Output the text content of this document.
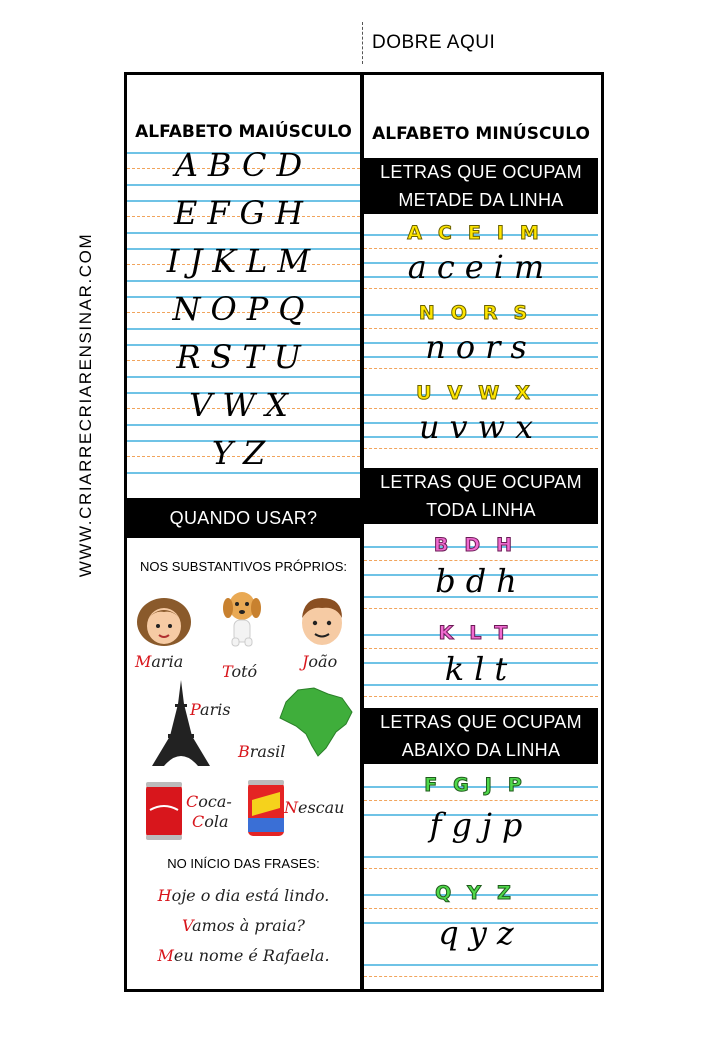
DOBRE AQUI
WWW.CRIARRECRIARENSINAR.COM
ALFABETO MAIÚSCULO
ABCD
EFGH
IJKLM
NOPQ
RSTU
VWX
YZ
QUANDO USAR?
NOS SUBSTANTIVOS PRÓPRIOS:
Maria
Totó
João
Paris
Brasil
Coca-
Cola
Nescau
NO INÍCIO DAS FRASES:
Hoje o dia está lindo.
Vamos à praia?
Meu nome é Rafaela.
ALFABETO MINÚSCULO
LETRAS QUE OCUPAM
METADE DA LINHA
ACEIM
aceim
NORS
nors
UVWX
uvwx
LETRAS QUE OCUPAM
TODA LINHA
BDH
bdh
KLT
klt
LETRAS QUE OCUPAM
ABAIXO DA LINHA
FGJP
fgjp
QYZ
qyz
